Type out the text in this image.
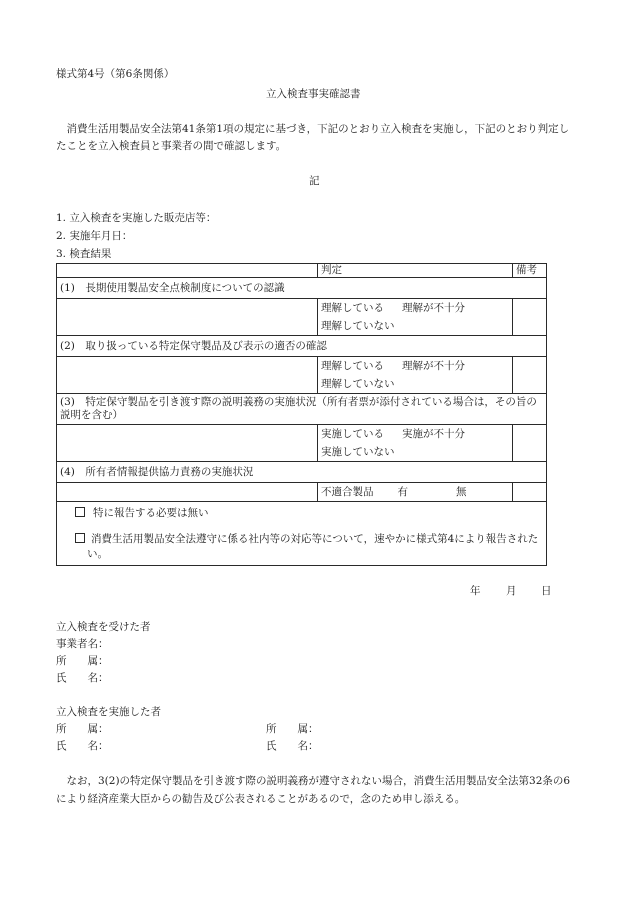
様式第4号（第6条関係）
立入検査事実確認書
　消費生活用製品安全法第41条第1項の規定に基づき，下記のとおり立入検査を実施し，下記のとおり判定したことを立入検査員と事業者の間で確認します。
記
1. 立入検査を実施した販売店等：
2. 実施年月日：
3. 検査結果
	判定	備考
(1)　長期使用製品安全点検制度についての認識		

	理解している 理解が不十分
理解していない	

(2)　取り扱っている特定保守製品及び表示の適否の確認		

	理解している 理解が不十分
理解していない	

(3)　特定保守製品を引き渡す際の説明義務の実施状況（所有者票が添付されている場合は，その旨の説明を含む）		

	実施している 実施が不十分
実施していない	

(4)　所有者情報提供協力責務の実施状況		

	不適合製品 有 無	

特に報告する必要は無い
消費生活用製品安全法遵守に係る社内等の対応等について，速やかに様式第4により報告されたい。		
年 月 日
立入検査を受けた者
事業者名：
所　　属：
氏　　名：
立入検査を実施した者
所　　属：
氏　　名：
所　　属：
氏　　名：
　なお，3(2)の特定保守製品を引き渡す際の説明義務が遵守されない場合，消費生活用製品安全法第32条の6により経済産業大臣からの勧告及び公表されることがあるので，念のため申し添える。
